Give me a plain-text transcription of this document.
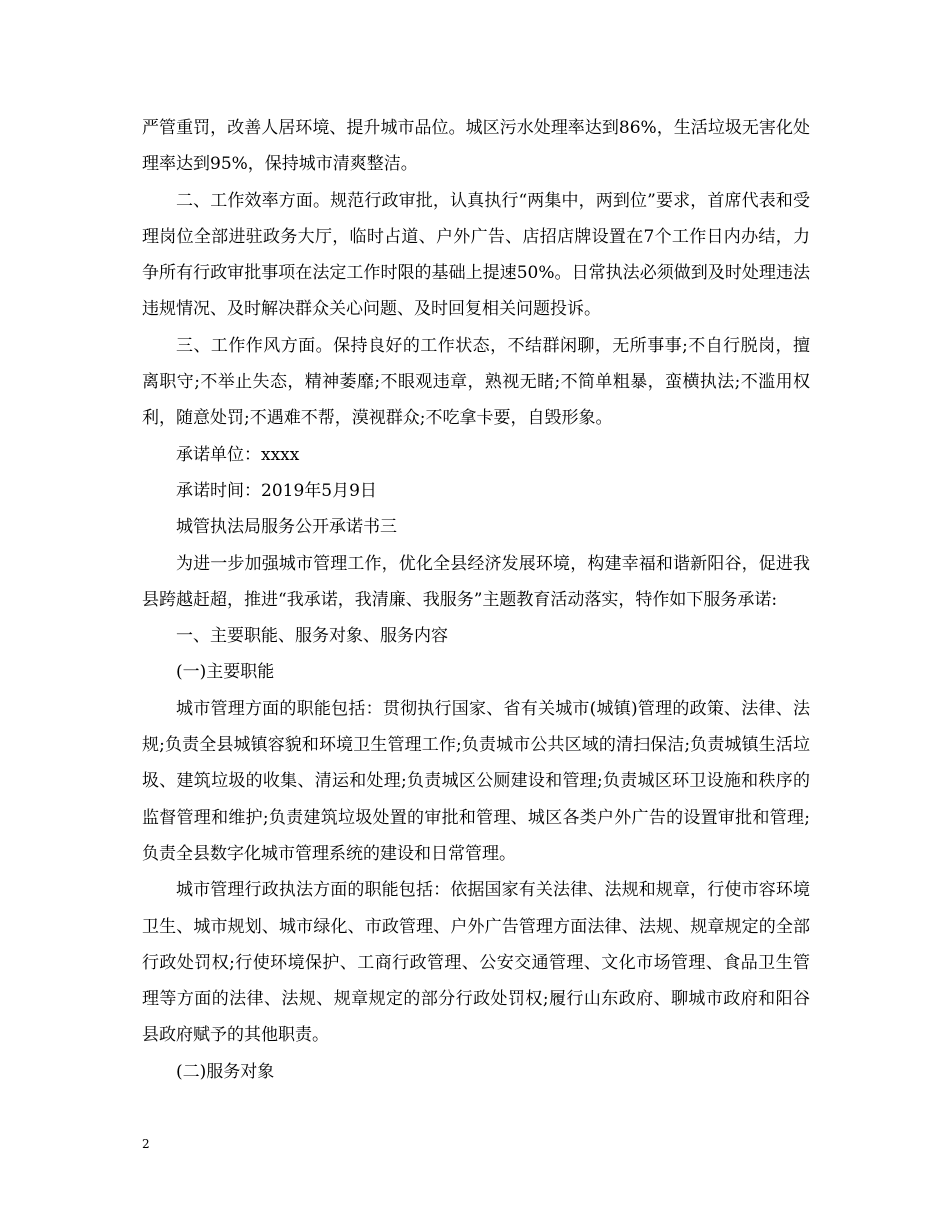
严管重罚，改善人居环境、提升城市品位。城区污水处理率达到86%，生活垃圾无害化处理率达到95%，保持城市清爽整洁。

二、工作效率方面。规范行政审批，认真执行“两集中，两到位”要求，首席代表和受理岗位全部进驻政务大厅，临时占道、户外广告、店招店牌设置在7个工作日内办结，力争所有行政审批事项在法定工作时限的基础上提速50%。日常执法必须做到及时处理违法违规情况、及时解决群众关心问题、及时回复相关问题投诉。

三、工作作风方面。保持良好的工作状态，不结群闲聊，无所事事;不自行脱岗，擅离职守;不举止失态，精神萎靡;不眼观违章，熟视无睹;不简单粗暴，蛮横执法;不滥用权利，随意处罚;不遇难不帮，漠视群众;不吃拿卡要，自毁形象。

承诺单位：xxxx

承诺时间：2019年5月9日

城管执法局服务公开承诺书三

为进一步加强城市管理工作，优化全县经济发展环境，构建幸福和谐新阳谷，促进我县跨越赶超，推进“我承诺，我清廉、我服务”主题教育活动落实，特作如下服务承诺:

一、主要职能、服务对象、服务内容

(一)主要职能

城市管理方面的职能包括：贯彻执行国家、省有关城市(城镇)管理的政策、法律、法规;负责全县城镇容貌和环境卫生管理工作;负责城市公共区域的清扫保洁;负责城镇生活垃圾、建筑垃圾的收集、清运和处理;负责城区公厕建设和管理;负责城区环卫设施和秩序的监督管理和维护;负责建筑垃圾处置的审批和管理、城区各类户外广告的设置审批和管理;负责全县数字化城市管理系统的建设和日常管理。

城市管理行政执法方面的职能包括：依据国家有关法律、法规和规章，行使市容环境卫生、城市规划、城市绿化、市政管理、户外广告管理方面法律、法规、规章规定的全部行政处罚权;行使环境保护、工商行政管理、公安交通管理、文化市场管理、食品卫生管理等方面的法律、法规、规章规定的部分行政处罚权;履行山东政府、聊城市政府和阳谷县政府赋予的其他职责。

(二)服务对象

2
